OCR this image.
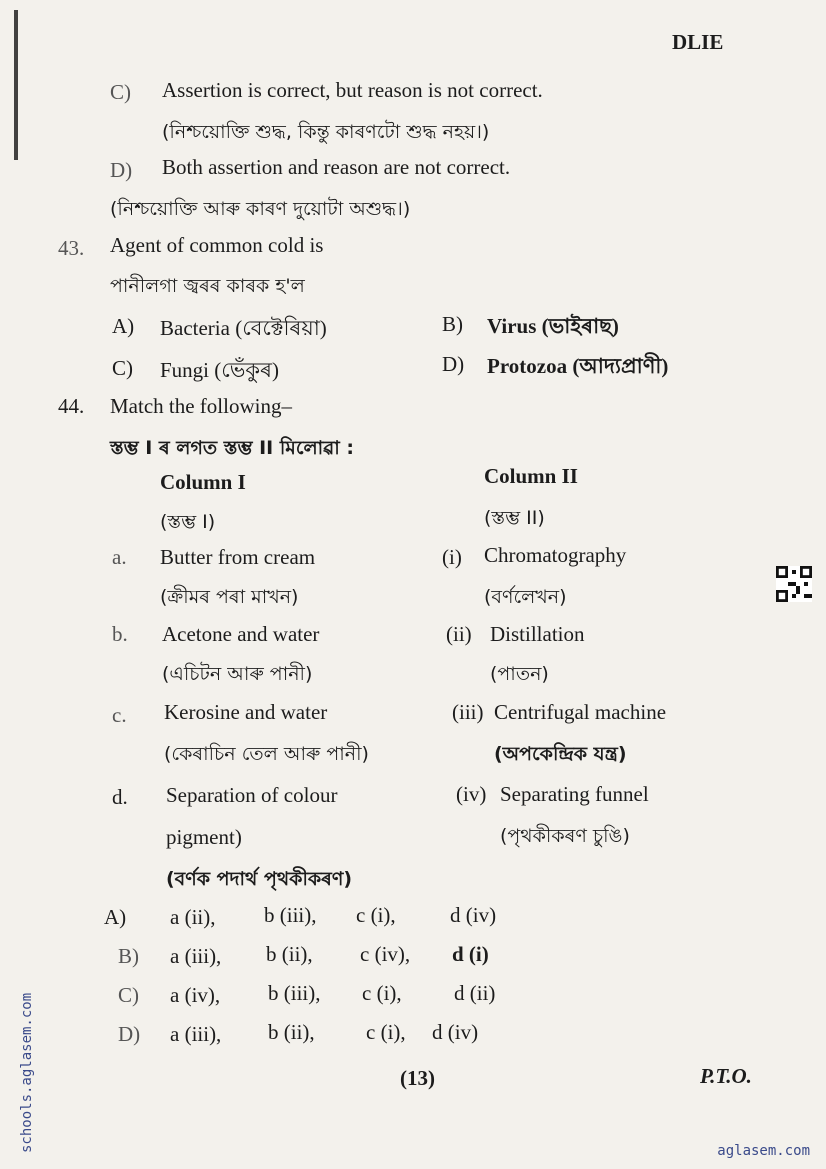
DLIE
C) Assertion is correct, but reason is not correct.
(নিশ্চয়োক্তি শুদ্ধ, কিন্তু কাৰণটো শুদ্ধ নহয়।)
D) Both assertion and reason are not correct.
(নিশ্চয়োক্তি আৰু কাৰণ দুয়োটা অশুদ্ধ।)
43. Agent of common cold is
পানীলগা জ্বৰৰ কাৰক হ'ল
A) Bacteria (বেক্টেৰিয়া)	B) Virus (ভাইৰাছ)
C) Fungi (ভেঁকুৰ)	D) Protozoa (আদ্যপ্ৰাণী)
44. Match the following–
স্তম্ভ I ৰ লগত স্তম্ভ II মিলোৱা :
Column I
(স্তম্ভ I)
Column II
(স্তম্ভ II)
a. Butter from cream
(ক্ৰীমৰ পৰা মাখন)
(i) Chromatography
(বৰ্ণলেখন)
b. Acetone and water
(এচিটন আৰু পানী)
(ii) Distillation
(পাতন)
c. Kerosine and water
(কেৰাচিন তেল আৰু পানী)
(iii) Centrifugal machine
(অপকেন্দ্ৰিক যন্ত্ৰ)
d. Separation of colour
pigment)
(বৰ্ণক পদাৰ্থ পৃথকীকৰণ)
(iv) Separating funnel
(পৃথকীকৰণ চুঙি)
A) a (ii), b (iii), c (i),	d (iv)
B) a (iii), b (ii), c (iv), d (i)
C) a (iv), b (iii), c (i), d (ii)
D) a (iii), b (ii), c (i), d (iv)
(13)	P.T.O.
schools.aglasem.com	aglasem.com
